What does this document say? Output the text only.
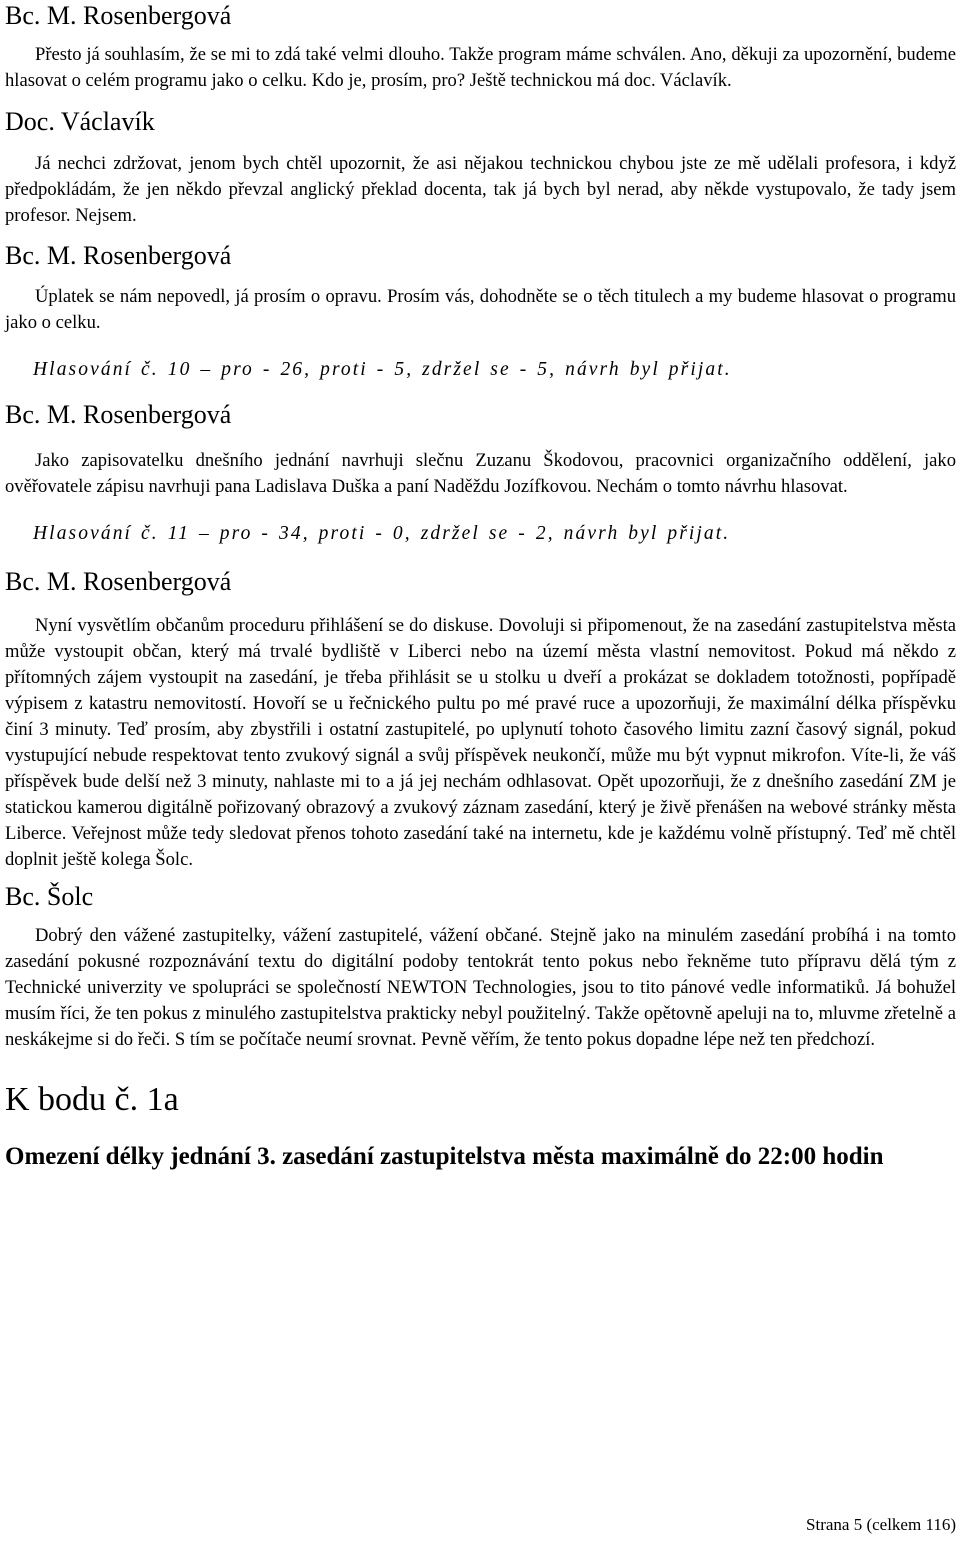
Bc. M. Rosenbergová

Přesto já souhlasím, že se mi to zdá také velmi dlouho. Takže program máme schválen. Ano, děkuji za upozornění, budeme hlasovat o celém programu jako o celku. Kdo je, prosím, pro? Ještě technickou má doc. Václavík.

Doc. Václavík

Já nechci zdržovat, jenom bych chtěl upozornit, že asi nějakou technickou chybou jste ze mě udělali profesora, i když předpokládám, že jen někdo převzal anglický překlad docenta, tak já bych byl nerad, aby někde vystupovalo, že tady jsem profesor. Nejsem.

Bc. M. Rosenbergová

Úplatek se nám nepovedl, já prosím o opravu. Prosím vás, dohodněte se o těch titulech a my budeme hlasovat o programu jako o celku.

Hlasování č. 10 – pro - 26, proti - 5, zdržel se - 5, návrh byl přijat.

Bc. M. Rosenbergová

Jako zapisovatelku dnešního jednání navrhuji slečnu Zuzanu Škodovou, pracovnici organizačního oddělení, jako ověřovatele zápisu navrhuji pana Ladislava Duška a paní Naděždu Jozífkovou. Nechám o tomto návrhu hlasovat.

Hlasování č. 11 – pro - 34, proti - 0, zdržel se - 2, návrh byl přijat.

Bc. M. Rosenbergová

Nyní vysvětlím občanům proceduru přihlášení se do diskuse. Dovoluji si připomenout, že na zasedání zastupitelstva města může vystoupit občan, který má trvalé bydliště v Liberci nebo na území města vlastní nemovitost. Pokud má někdo z přítomných zájem vystoupit na zasedání, je třeba přihlásit se u stolku u dveří a prokázat se dokladem totožnosti, popřípadě výpisem z katastru nemovitostí. Hovoří se u řečnického pultu po mé pravé ruce a upozorňuji, že maximální délka příspěvku činí 3 minuty. Teď prosím, aby zbystřili i ostatní zastupitelé, po uplynutí tohoto časového limitu zazní časový signál, pokud vystupující nebude respektovat tento zvukový signál a svůj příspěvek neukončí, může mu být vypnut mikrofon. Víte-li, že váš příspěvek bude delší než 3 minuty, nahlaste mi to a já jej nechám odhlasovat. Opět upozorňuji, že z dnešního zasedání ZM je statickou kamerou digitálně pořizovaný obrazový a zvukový záznam zasedání, který je živě přenášen na webové stránky města Liberce. Veřejnost může tedy sledovat přenos tohoto zasedání také na internetu, kde je každému volně přístupný. Teď mě chtěl doplnit ještě kolega Šolc.

Bc. Šolc

Dobrý den vážené zastupitelky, vážení zastupitelé, vážení občané. Stejně jako na minulém zasedání probíhá i na tomto zasedání pokusné rozpoznávání textu do digitální podoby tentokrát tento pokus nebo řekněme tuto přípravu dělá tým z Technické univerzity ve spolupráci se společností NEWTON Technologies, jsou to tito pánové vedle informatiků. Já bohužel musím říci, že ten pokus z minulého zastupitelstva prakticky nebyl použitelný. Takže opětovně apeluji na to, mluvme zřetelně a neskákejme si do řeči. S tím se počítače neumí srovnat. Pevně věřím, že tento pokus dopadne lépe než ten předchozí.

K bodu č. 1a
Omezení délky jednání 3. zasedání zastupitelstva města maximálně do 22:00 hodin
Strana 5 (celkem 116)
